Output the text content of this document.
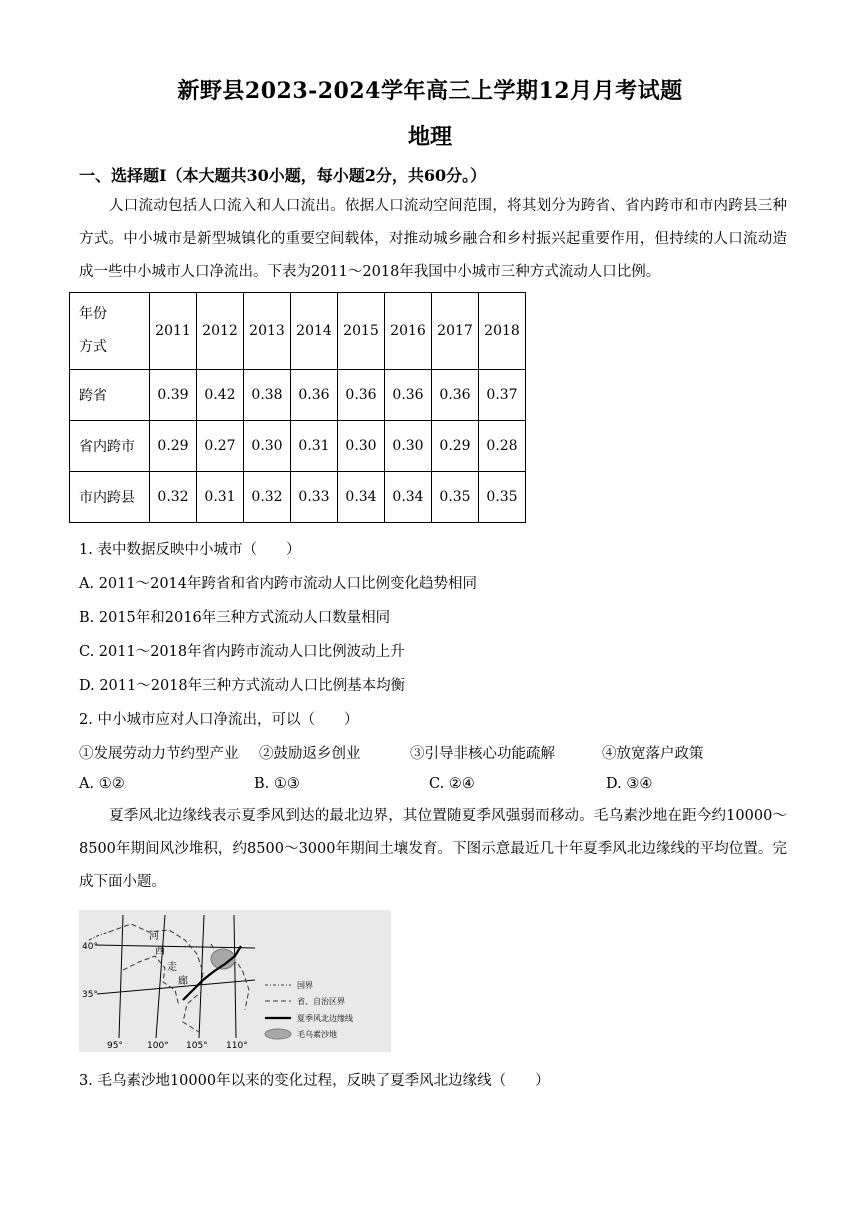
新野县2023-2024学年高三上学期12月月考试题
地理
一、选择题Ⅰ（本大题共30小题，每小题2分，共60分。）
人口流动包括人口流入和人口流出。依据人口流动空间范围，将其划分为跨省、省内跨市和市内跨县三种方式。中小城市是新型城镇化的重要空间载体，对推动城乡融合和乡村振兴起重要作用，但持续的人口流动造成一些中小城市人口净流出。下表为2011～2018年我国中小城市三种方式流动人口比例。
年份
方式	2011	2012	2013	2014	2015	2016	2017	2018
跨省	0.39	0.42	0.38	0.36	0.36	0.36	0.36	0.37
省内跨市	0.29	0.27	0.30	0.31	0.30	0.30	0.29	0.28
市内跨县	0.32	0.31	0.32	0.33	0.34	0.34	0.35	0.35
1. 表中数据反映中小城市（　　）
A. 2011～2014年跨省和省内跨市流动人口比例变化趋势相同
B. 2015年和2016年三种方式流动人口数量相同
C. 2011～2018年省内跨市流动人口比例波动上升
D. 2011～2018年三种方式流动人口比例基本均衡
2. 中小城市应对人口净流出，可以（　　）
①发展劳动力节约型产业 ②鼓励返乡创业	③引导非核心功能疏解	④放宽落户政策
A. ①②	B. ①③	C. ②④	D. ③④
夏季风北边缘线表示夏季风到达的最北边界，其位置随夏季风强弱而移动。毛乌素沙地在距今约10000～8500年期间风沙堆积，约8500～3000年期间土壤发育。下图示意最近几十年夏季风北边缘线的平均位置。完成下面小题。
40°
35°
95°	100° 105° 110°
河
西
走
廊	国界
省、自治区界
夏季风北边缘线
毛乌素沙地
3. 毛乌素沙地10000年以来的变化过程，反映了夏季风北边缘线（　　）
